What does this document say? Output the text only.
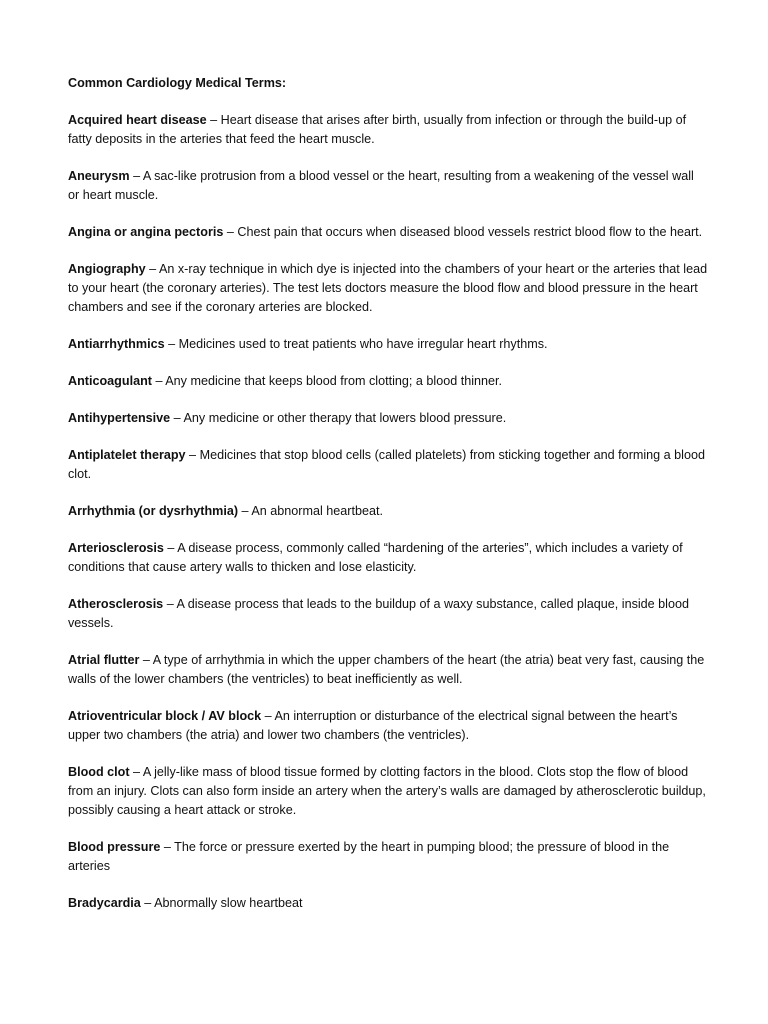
Common Cardiology Medical Terms:
Acquired heart disease – Heart disease that arises after birth, usually from infection or through the build-up of fatty deposits in the arteries that feed the heart muscle.
Aneurysm – A sac-like protrusion from a blood vessel or the heart, resulting from a weakening of the vessel wall or heart muscle.
Angina or angina pectoris – Chest pain that occurs when diseased blood vessels restrict blood flow to the heart.
Angiography – An x-ray technique in which dye is injected into the chambers of your heart or the arteries that lead to your heart (the coronary arteries). The test lets doctors measure the blood flow and blood pressure in the heart chambers and see if the coronary arteries are blocked.
Antiarrhythmics – Medicines used to treat patients who have irregular heart rhythms.
Anticoagulant – Any medicine that keeps blood from clotting; a blood thinner.
Antihypertensive – Any medicine or other therapy that lowers blood pressure.
Antiplatelet therapy – Medicines that stop blood cells (called platelets) from sticking together and forming a blood clot.
Arrhythmia (or dysrhythmia) – An abnormal heartbeat.
Arteriosclerosis – A disease process, commonly called “hardening of the arteries”, which includes a variety of conditions that cause artery walls to thicken and lose elasticity.
Atherosclerosis – A disease process that leads to the buildup of a waxy substance, called plaque, inside blood vessels.
Atrial flutter – A type of arrhythmia in which the upper chambers of the heart (the atria) beat very fast, causing the walls of the lower chambers (the ventricles) to beat inefficiently as well.
Atrioventricular block / AV block – An interruption or disturbance of the electrical signal between the heart’s upper two chambers (the atria) and lower two chambers (the ventricles).
Blood clot – A jelly-like mass of blood tissue formed by clotting factors in the blood. Clots stop the flow of blood from an injury. Clots can also form inside an artery when the artery’s walls are damaged by atherosclerotic buildup, possibly causing a heart attack or stroke.
Blood pressure – The force or pressure exerted by the heart in pumping blood; the pressure of blood in the arteries
Bradycardia – Abnormally slow heartbeat
